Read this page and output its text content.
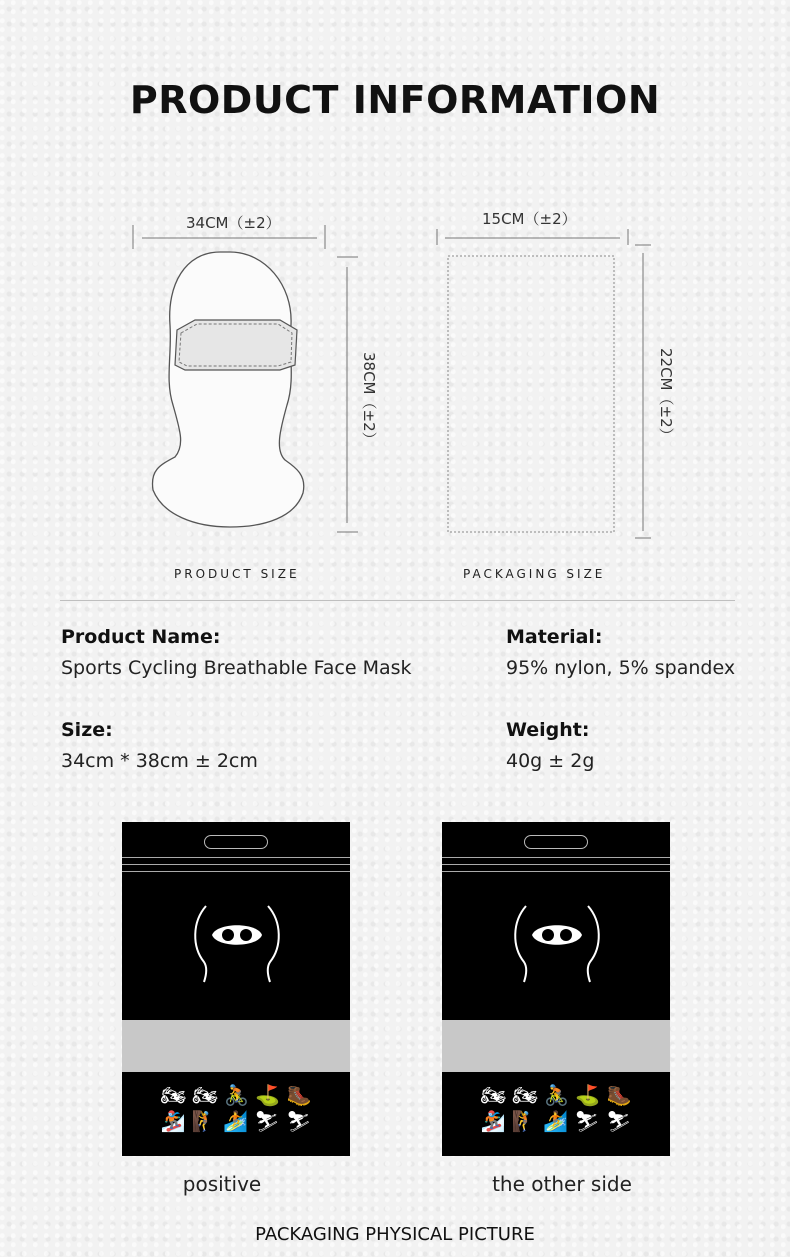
PRODUCT INFORMATION
34CM（±2）
38CM（±2）
PRODUCT SIZE
15CM（±2）
22CM（±2）
PACKAGING SIZE
Product Name:
Sports Cycling Breathable Face Mask
Material:
95% nylon, 5% spandex
Size:
34cm * 38cm ± 2cm
Weight:
40g ± 2g
🏍 🏍 🚴 ⛳ 🥾
🏂 🧗 🏄 ⛷ ⛷
positive
🏍 🏍 🚴 ⛳ 🥾
🏂 🧗 🏄 ⛷ ⛷
the other side
PACKAGING PHYSICAL PICTURE
